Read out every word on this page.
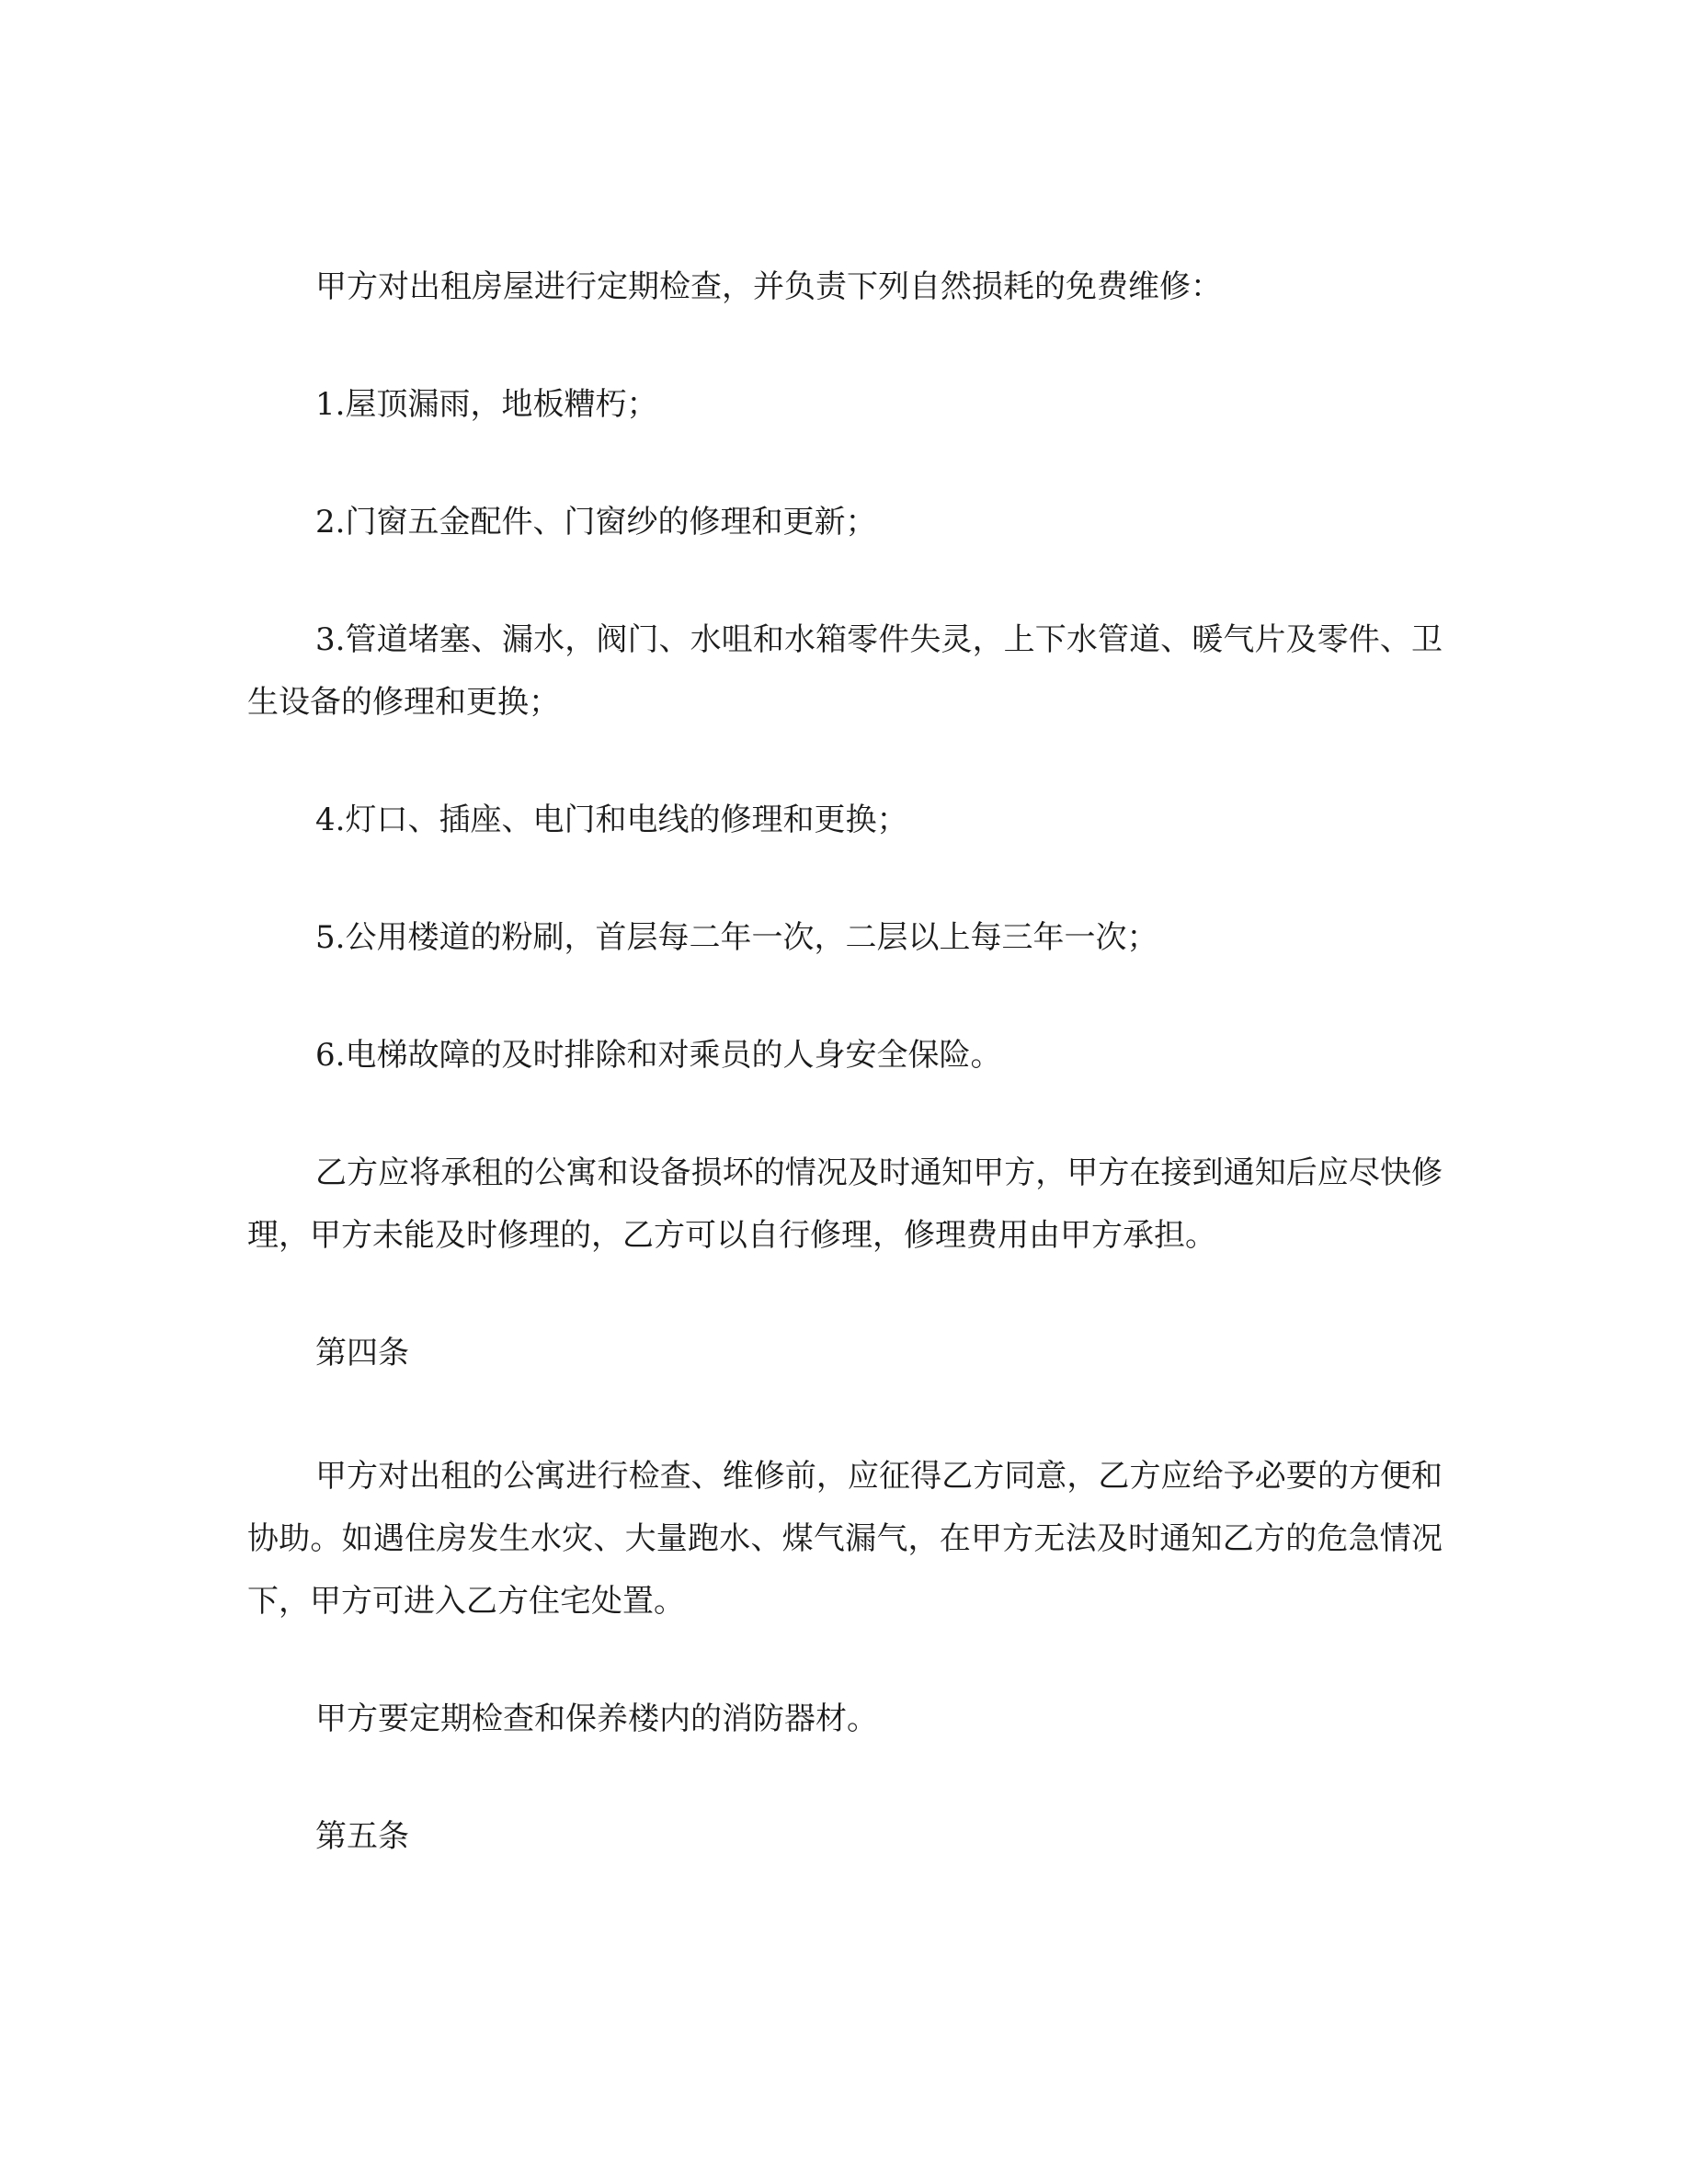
甲方对出租房屋进行定期检查，并负责下列自然损耗的免费维修：

1.屋顶漏雨，地板糟朽；

2.门窗五金配件、门窗纱的修理和更新；

3.管道堵塞、漏水，阀门、水咀和水箱零件失灵，上下水管道、暖气片及零件、卫生设备的修理和更换；

4.灯口、插座、电门和电线的修理和更换；

5.公用楼道的粉刷，首层每二年一次，二层以上每三年一次；

6.电梯故障的及时排除和对乘员的人身安全保险。

乙方应将承租的公寓和设备损坏的情况及时通知甲方，甲方在接到通知后应尽快修理，甲方未能及时修理的，乙方可以自行修理，修理费用由甲方承担。

第四条

甲方对出租的公寓进行检查、维修前，应征得乙方同意，乙方应给予必要的方便和协助。如遇住房发生水灾、大量跑水、煤气漏气，在甲方无法及时通知乙方的危急情况下，甲方可进入乙方住宅处置。

甲方要定期检查和保养楼内的消防器材。

第五条
